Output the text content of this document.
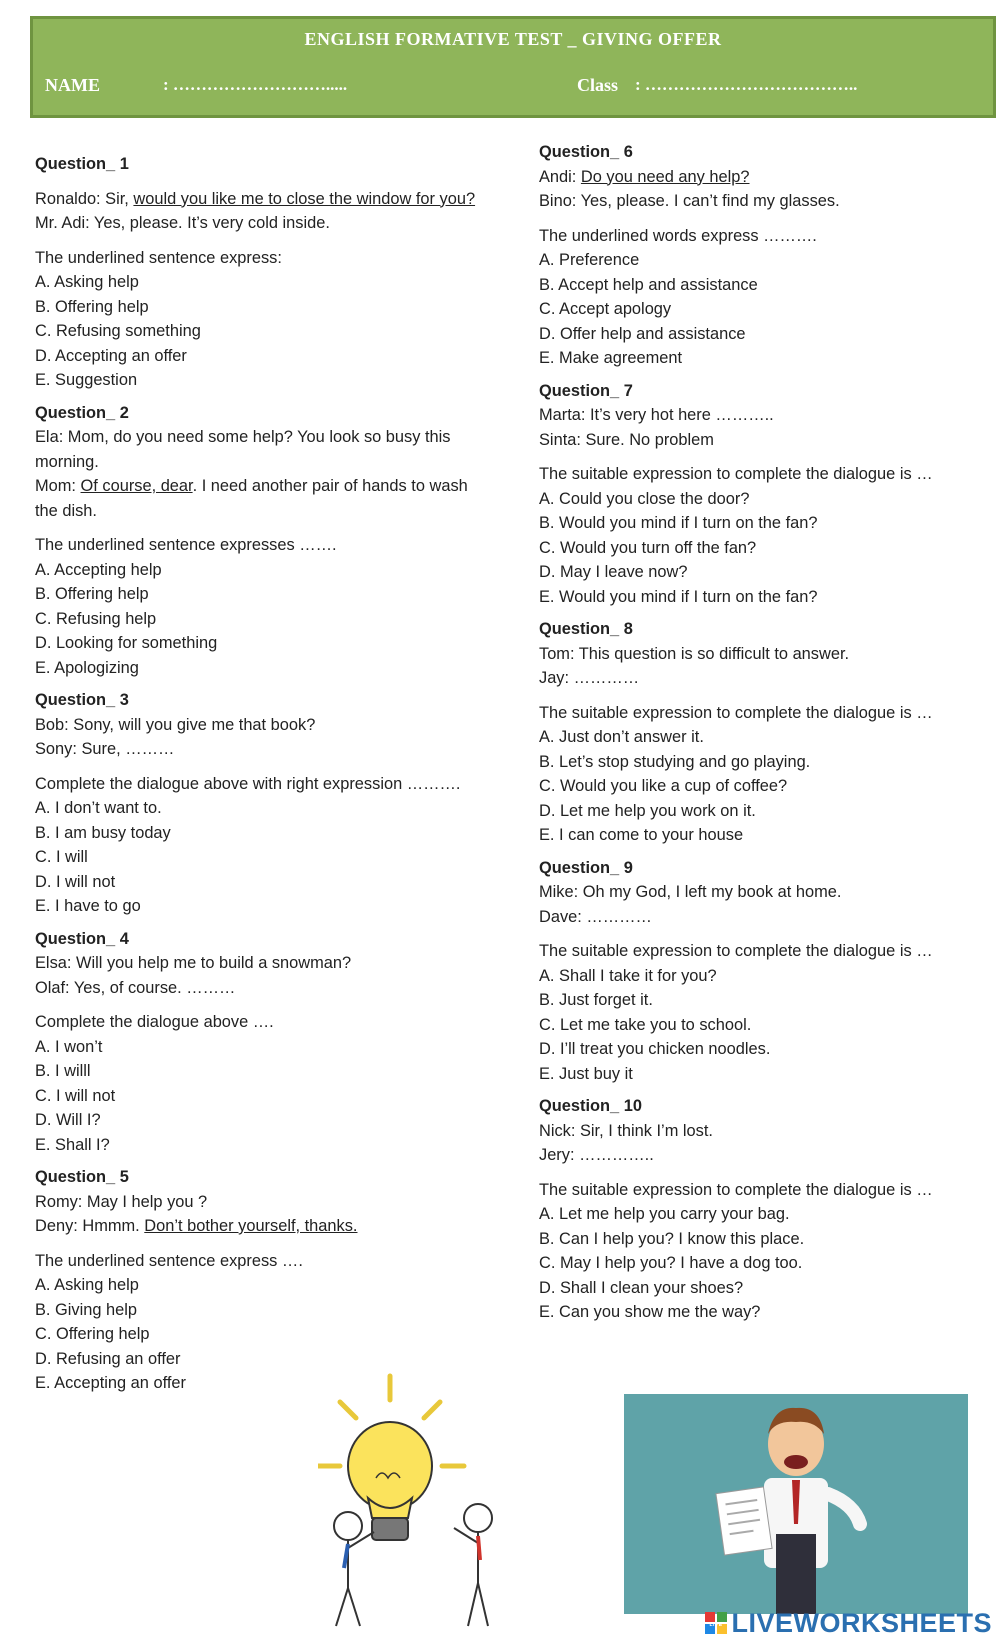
ENGLISH FORMATIVE TEST _ GIVING OFFER
NAME	: ……………………….....	Class : ………………………………..
Question_ 1
Ronaldo: Sir, would you like me to close the window for you?
Mr. Adi: Yes, please. It’s very cold inside.
The underlined sentence express:
A. Asking help
B. Offering help
C. Refusing something
D. Accepting an offer
E. Suggestion
Question_ 2
Ela: Mom, do you need some help? You look so busy this morning.
Mom: Of course, dear. I need another pair of hands to wash the dish.
The underlined sentence expresses …….
A. Accepting help
B. Offering help
C. Refusing help
D. Looking for something
E. Apologizing
Question_ 3
Bob: Sony, will you give me that book?
Sony: Sure, ………
Complete the dialogue above with right expression ……….
A. I don’t want to.
B. I am busy today
C. I will
D. I will not
E. I have to go
Question_ 4
Elsa: Will you help me to build a snowman?
Olaf: Yes, of course. ………
Complete the dialogue above ….
A. I won’t
B. I willl
C. I will not
D. Will I?
E. Shall I?
Question_ 5
Romy: May I help you ?
Deny: Hmmm. Don’t bother yourself, thanks.
The underlined sentence express ….
A. Asking help
B. Giving help
C. Offering help
D. Refusing an offer
E. Accepting an offer
Question_ 6
Andi: Do you need any help?
Bino: Yes, please. I can’t find my glasses.
The underlined words express ……….
A. Preference
B. Accept help and assistance
C. Accept apology
D. Offer help and assistance
E. Make agreement
Question_ 7
Marta: It’s very hot here ………..
Sinta: Sure. No problem
The suitable expression to complete the dialogue is …
A. Could you close the door?
B. Would you mind if I turn on the fan?
C. Would you turn off the fan?
D. May I leave now?
E. Would you mind if I turn on the fan?
Question_ 8
Tom: This question is so difficult to answer.
Jay: …………
The suitable expression to complete the dialogue is …
A. Just don’t answer it.
B. Let’s stop studying and go playing.
C. Would you like a cup of coffee?
D. Let me help you work on it.
E. I can come to your house
Question_ 9
Mike: Oh my God, I left my book at home.
Dave: …………
The suitable expression to complete the dialogue is …
A. Shall I take it for you?
B. Just forget it.
C. Let me take you to school.
D. I’ll treat you chicken noodles.
E. Just buy it
Question_ 10
Nick: Sir, I think I’m lost.
Jery: …………..
The suitable expression to complete the dialogue is …
A. Let me help you carry your bag.
B. Can I help you? I know this place.
C. May I help you? I have a dog too.
D. Shall I clean your shoes?
E. Can you show me the way?
LIVE LIVEWORKSHEETS
